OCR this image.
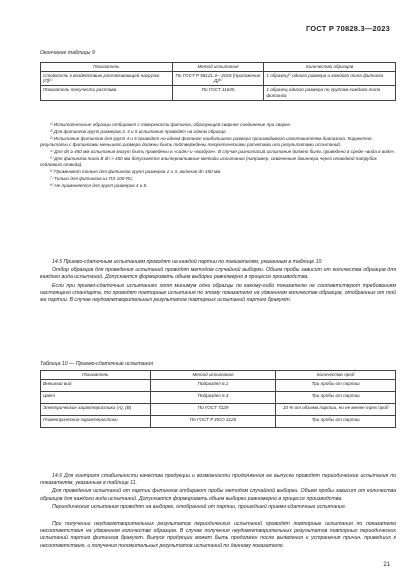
ГОСТ Р 70828.3—2023
Окончание таблицы 9
Показатель	Метод испытания	Количество образцов
Стойкость к воздействию растягивающей нагрузки (Л)⁶⁾	По ГОСТ Р 58121.3—2018 (приложение Д)⁸⁾	1 образец⁹⁾ одного размера и каждого типа фитинга
Показатель текучести расплава	По ГОСТ 11645	1 образец одного размера по группам каждого типа фитинга

¹⁾ Испытательные образцы отбирают с поверхности фитинга, образующей сварное соединение при сварке.

²⁾ Для фитингов групп размеров 3, 4 и 5 испытания проводят на одном образце.

³⁾ Испытания фитингов для групп 4 и 5 проводят на одном фитинге наибольшего размера производимого изготовителем диапазона. Корректно результаты с фитингами меньшего размера должны быть подтверждены теоретическими расчетами или результатами испытаний.

⁴⁾ Для dn ≥ 450 мм испытания могут быть проведены в «сидя» и «воздухе». В случае разногласий испытание должно быть проведено в среде «вода в воде».

⁵⁾ Для фитингов типа В dn > 450 мм допускается альтернативные методы испытания (например, охваченные джиннера через отводной патрубок седлового отвода).

⁶⁾ Применяют только для фитингов групп размеров 2 и 3, включая dn 450 мм.

⁷⁾ Только для фитингов из ПЭ 100-RC.

⁸⁾ Не применяется для групп размеров 4 и 5.

14.5 Приемо-сдаточным испытаниям проводят на каждой партии по показателям, указанным в таблице 10.

Отбор образцов для проведения испытаний проводят методом случайной выборки. Объем пробы зависит от количества образцов для каждого вида испытаний. Допускается формировать объем выборки равномерно в процессе производства.

Если при приемо-сдаточных испытаниях хотя минимум одни образцы по какому-либо показателю не соответствуют требованиям настоящего стандарта, то проводят повторные испытания по этому показателю на удвоенном количестве образцов, отобранных от той же партии. В случае неудовлетворительных результатов повторных испытаний партию бракуют.

Таблица 10 — Приемо-сдаточные испытания
Показатель	Метод испытания	Количество проб
Внешний вид	Подраздел 6.1	Три пробы от партии
Цвет	Подраздел 6.3	Три пробы от партии
Электрические характеристики (А), (В)	По ГОСТ 7229	10 % от объема партии, но не менее трех проб
Геометрические характеристики	По ГОСТ Р ИСО 3126	Три пробы от партии

14.6 Для контроля стабильности качества продукции и возможности продолжения ее выпуска проводят периодические испытания по показателям, указанным в таблице 11.

Для проведения испытаний от партии фитингов отбирают пробы методом случайной выборки. Объем пробы зависит от количества образцов для каждого вида испытаний. Допускается формировать объем выборки равномерно в процессе производства.

Периодические испытания проводят на выборке, отобранной от партии, прошедшей приемо-сдаточные испытания.

При получении неудовлетворительных результатов периодических испытаний проводят повторные испытания по показателю несоответствия на удвоенном количестве образцов. В случае получения неудовлетворительных результатов повторных периодических испытаний партию фитингов бракуют. Выпуск продукции может быть продолжен после выявления и устранения причин, приведших к несоответствию, и получения положительных результатов испытаний по данному показателю.

21
